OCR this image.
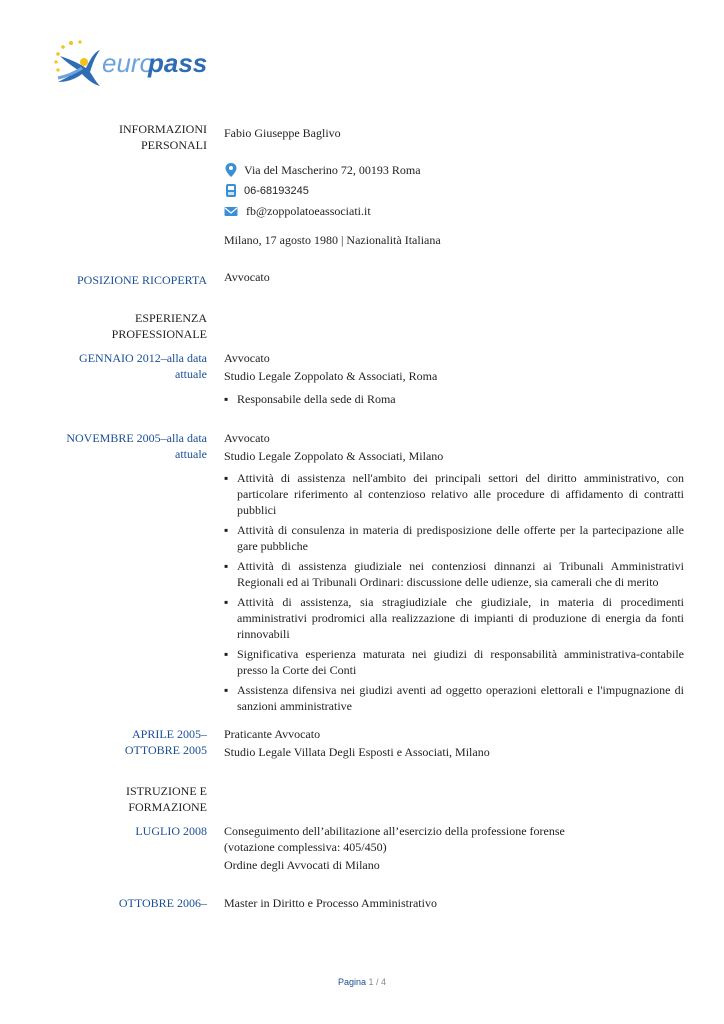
euro
pass
INFORMAZIONI
PERSONALI
Fabio Giuseppe Baglivo
Via del Mascherino 72, 00193 Roma
06-68193245
fb@zoppolatoeassociati.it
Milano, 17 agosto 1980 | Nazionalità Italiana
POSIZIONE RICOPERTA Avvocato
ESPERIENZA
PROFESSIONALE
GENNAIO 2012–alla data
attuale
Avvocato
Studio Legale Zoppolato & Associati, Roma
▪ Responsabile della sede di Roma
NOVEMBRE 2005–alla data
attuale
Avvocato
Studio Legale Zoppolato & Associati, Milano
▪ Attività di assistenza nell'ambito dei principali settori del diritto amministrativo, con particolare riferimento al contenzioso relativo alle procedure di affidamento di contratti pubblici
▪ Attività di consulenza in materia di predisposizione delle offerte per la partecipazione alle gare pubbliche
▪ Attività di assistenza giudiziale nei contenziosi dinnanzi ai Tribunali Amministrativi Regionali ed ai Tribunali Ordinari: discussione delle udienze, sia camerali che di merito
▪ Attività di assistenza, sia stragiudiziale che giudiziale, in materia di procedimenti amministrativi prodromici alla realizzazione di impianti di produzione di energia da fonti rinnovabili
▪ Significativa esperienza maturata nei giudizi di responsabilità amministrativa-contabile presso la Corte dei Conti
▪ Assistenza difensiva nei giudizi aventi ad oggetto operazioni elettorali e l'impugnazione di sanzioni amministrative
APRILE 2005–
OTTOBRE 2005
Praticante Avvocato
Studio Legale Villata Degli Esposti e Associati, Milano
ISTRUZIONE E
FORMAZIONE
LUGLIO 2008 Conseguimento dell’abilitazione all’esercizio della professione forense
(votazione complessiva: 405/450)
Ordine degli Avvocati di Milano
OTTOBRE 2006– Master in Diritto e Processo Amministrativo
Pagina 1 / 4
